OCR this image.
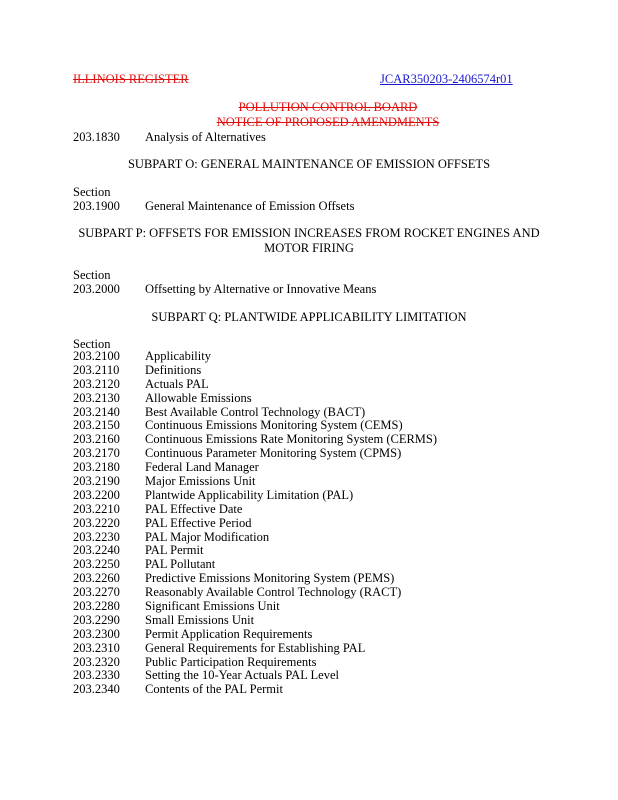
ILLINOIS REGISTER	JCAR350203-2406574r01
POLLUTION CONTROL BOARD
NOTICE OF PROPOSED AMENDMENTS
203.1830 Analysis of Alternatives
SUBPART O: GENERAL MAINTENANCE OF EMISSION OFFSETS
Section
203.1900 General Maintenance of Emission Offsets
SUBPART P: OFFSETS FOR EMISSION INCREASES FROM ROCKET ENGINES AND MOTOR FIRING
Section
203.2000 Offsetting by Alternative or Innovative Means
SUBPART Q: PLANTWIDE APPLICABILITY LIMITATION
Section
203.2100 Applicability
203.2110 Definitions
203.2120 Actuals PAL
203.2130 Allowable Emissions
203.2140 Best Available Control Technology (BACT)
203.2150 Continuous Emissions Monitoring System (CEMS)
203.2160 Continuous Emissions Rate Monitoring System (CERMS)
203.2170 Continuous Parameter Monitoring System (CPMS)
203.2180 Federal Land Manager
203.2190 Major Emissions Unit
203.2200 Plantwide Applicability Limitation (PAL)
203.2210 PAL Effective Date
203.2220 PAL Effective Period
203.2230 PAL Major Modification
203.2240 PAL Permit
203.2250 PAL Pollutant
203.2260 Predictive Emissions Monitoring System (PEMS)
203.2270 Reasonably Available Control Technology (RACT)
203.2280 Significant Emissions Unit
203.2290 Small Emissions Unit
203.2300 Permit Application Requirements
203.2310 General Requirements for Establishing PAL
203.2320 Public Participation Requirements
203.2330 Setting the 10-Year Actuals PAL Level
203.2340 Contents of the PAL Permit
